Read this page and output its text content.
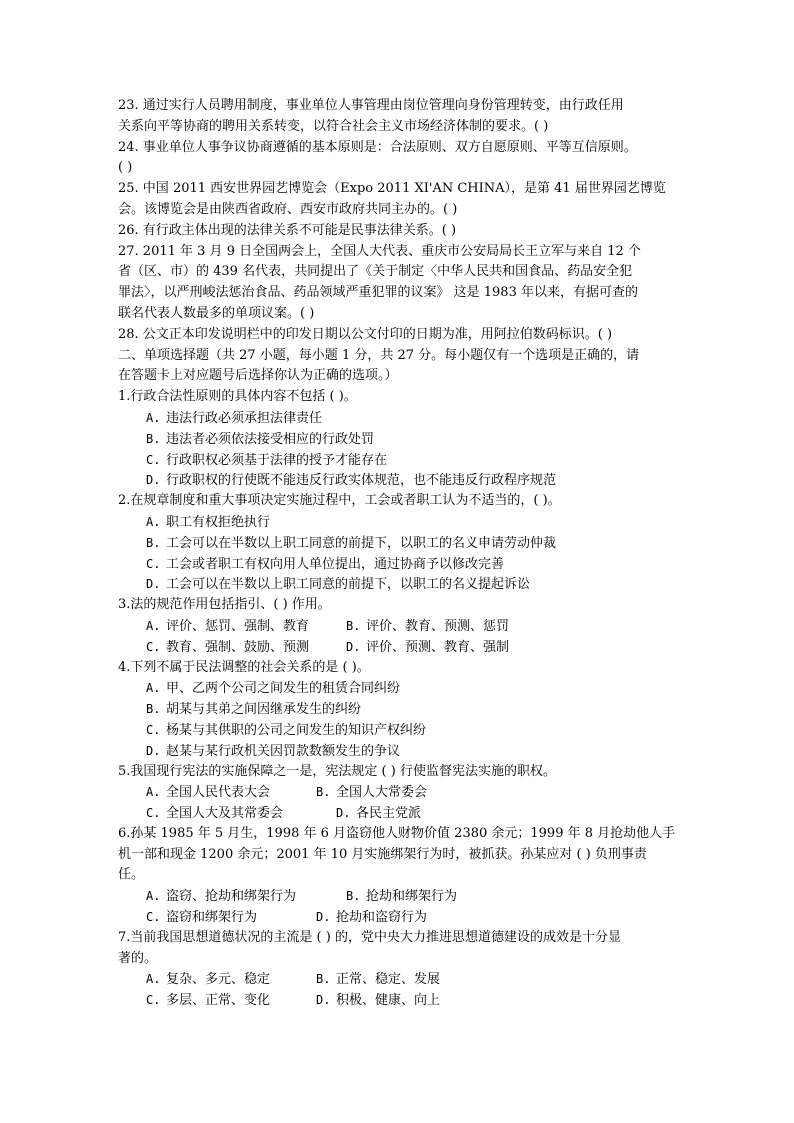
23. 通过实行人员聘用制度，事业单位人事管理由岗位管理向身份管理转变，由行政任用
关系向平等协商的聘用关系转变，以符合社会主义市场经济体制的要求。( )
24. 事业单位人事争议协商遵循的基本原则是：合法原则、双方自愿原则、平等互信原则。
( )
25. 中国 2011 西安世界园艺博览会（Expo 2011 XI'AN CHINA），是第 41 届世界园艺博览
会。该博览会是由陕西省政府、西安市政府共同主办的。( )
26. 有行政主体出现的法律关系不可能是民事法律关系。( )
27. 2011 年 3 月 9 日全国两会上，全国人大代表、重庆市公安局局长王立军与来自 12 个
省（区、市）的 439 名代表，共同提出了《关于制定〈中华人民共和国食品、药品安全犯
罪法〉，以严刑峻法惩治食品、药品领域严重犯罪的议案》 这是 1983 年以来，有据可查的
联名代表人数最多的单项议案。( )
28. 公文正本印发说明栏中的印发日期以公文付印的日期为准，用阿拉伯数码标识。( )
二、单项选择题（共 27 小题，每小题 1 分，共 27 分。每小题仅有一个选项是正确的，请
在答题卡上对应题号后选择你认为正确的选项。）
1.行政合法性原则的具体内容不包括 ( )。
A. 违法行政必须承担法律责任
B. 违法者必须依法接受相应的行政处罚
C. 行政职权必须基于法律的授予才能存在
D. 行政职权的行使既不能违反行政实体规范，也不能违反行政程序规范
2.在规章制度和重大事项决定实施过程中，工会或者职工认为不适当的，( )。
A. 职工有权拒绝执行
B. 工会可以在半数以上职工同意的前提下，以职工的名义申请劳动仲裁
C. 工会或者职工有权向用人单位提出，通过协商予以修改完善
D. 工会可以在半数以上职工同意的前提下，以职工的名义提起诉讼
3.法的规范作用包括指引、( ) 作用。
A. 评价、惩罚、强制、教育	B. 评价、教育、预测、惩罚
C. 教育、强制、鼓励、预测	D. 评价、预测、教育、强制
4.下列不属于民法调整的社会关系的是 ( )。
A. 甲、乙两个公司之间发生的租赁合同纠纷
B. 胡某与其弟之间因继承发生的纠纷
C. 杨某与其供职的公司之间发生的知识产权纠纷
D. 赵某与某行政机关因罚款数额发生的争议
5.我国现行宪法的实施保障之一是，宪法规定 ( ) 行使监督宪法实施的职权。
A. 全国人民代表大会	B. 全国人大常委会
C. 全国人大及其常委会	D. 各民主党派
6.孙某 1985 年 5 月生，1998 年 6 月盗窃他人财物价值 2380 余元；1999 年 8 月抢劫他人手
机一部和现金 1200 余元；2001 年 10 月实施绑架行为时，被抓获。孙某应对 ( ) 负刑事责
任。
A. 盗窃、抢劫和绑架行为	B. 抢劫和绑架行为
C. 盗窃和绑架行为	D. 抢劫和盗窃行为
7.当前我国思想道德状况的主流是 ( ) 的，党中央大力推进思想道德建设的成效是十分显
著的。
A. 复杂、多元、稳定	B. 正常、稳定、发展
C. 多层、正常、变化	D. 积极、健康、向上
